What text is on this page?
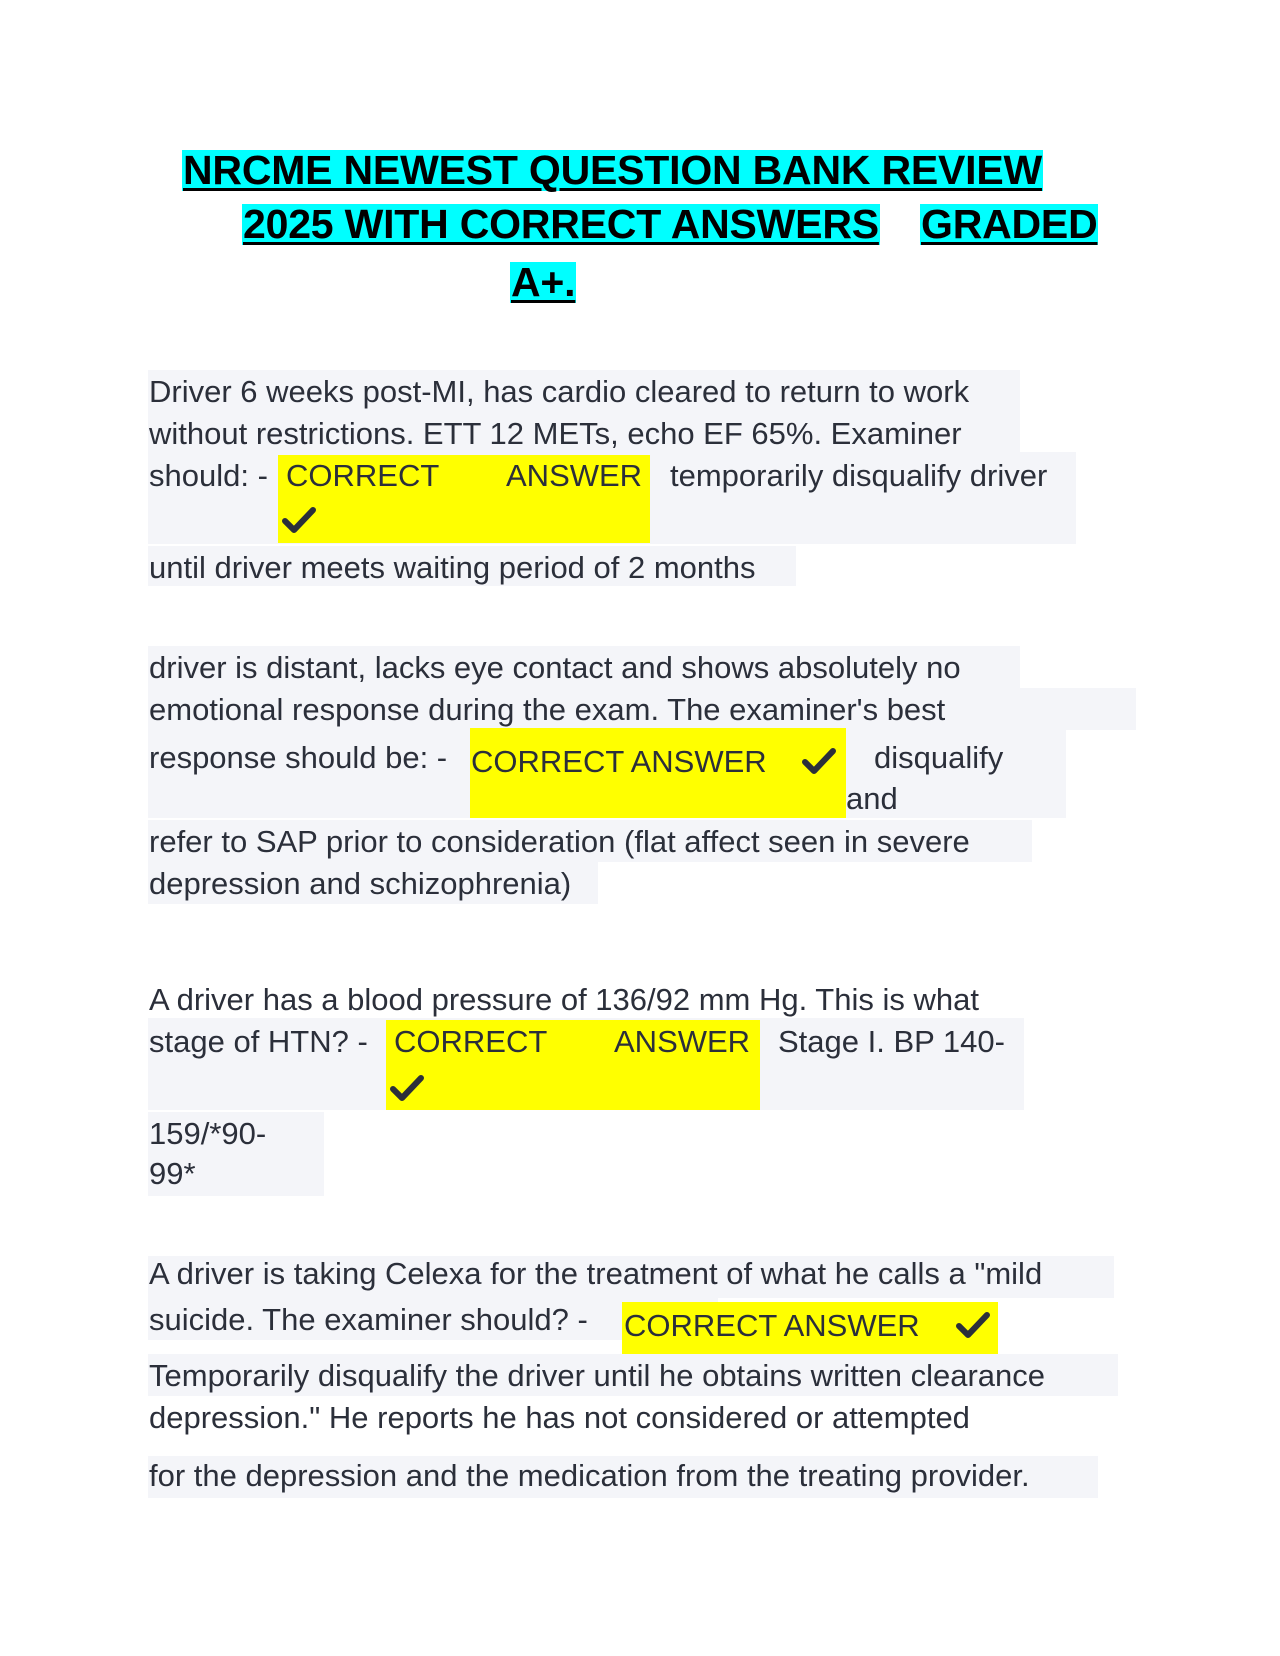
NRCME NEWEST QUESTION BANK REVIEW
2025 WITH CORRECT ANSWERS GRADED
A+.
Driver 6 weeks post-MI, has cardio cleared to return to work
without restrictions. ETT 12 METs, echo EF 65%. Examiner
should: - CORRECT ANSWER temporarily disqualify driver
until driver meets waiting period of 2 months
driver is distant, lacks eye contact and shows absolutely no
emotional response during the exam. The examiner's best
response should be: - CORRECT ANSWER	disqualify
and
refer to SAP prior to consideration (flat affect seen in severe
depression and schizophrenia)
A driver has a blood pressure of 136/92 mm Hg. This is what
stage of HTN? - CORRECT ANSWER Stage I. BP 140-
159/*90-
99*
A driver is taking Celexa for the treatment of what he calls a "mild
suicide. The examiner should? - CORRECT ANSWER
Temporarily disqualify the driver until he obtains written clearance
depression." He reports he has not considered or attempted
for the depression and the medication from the treating provider.
